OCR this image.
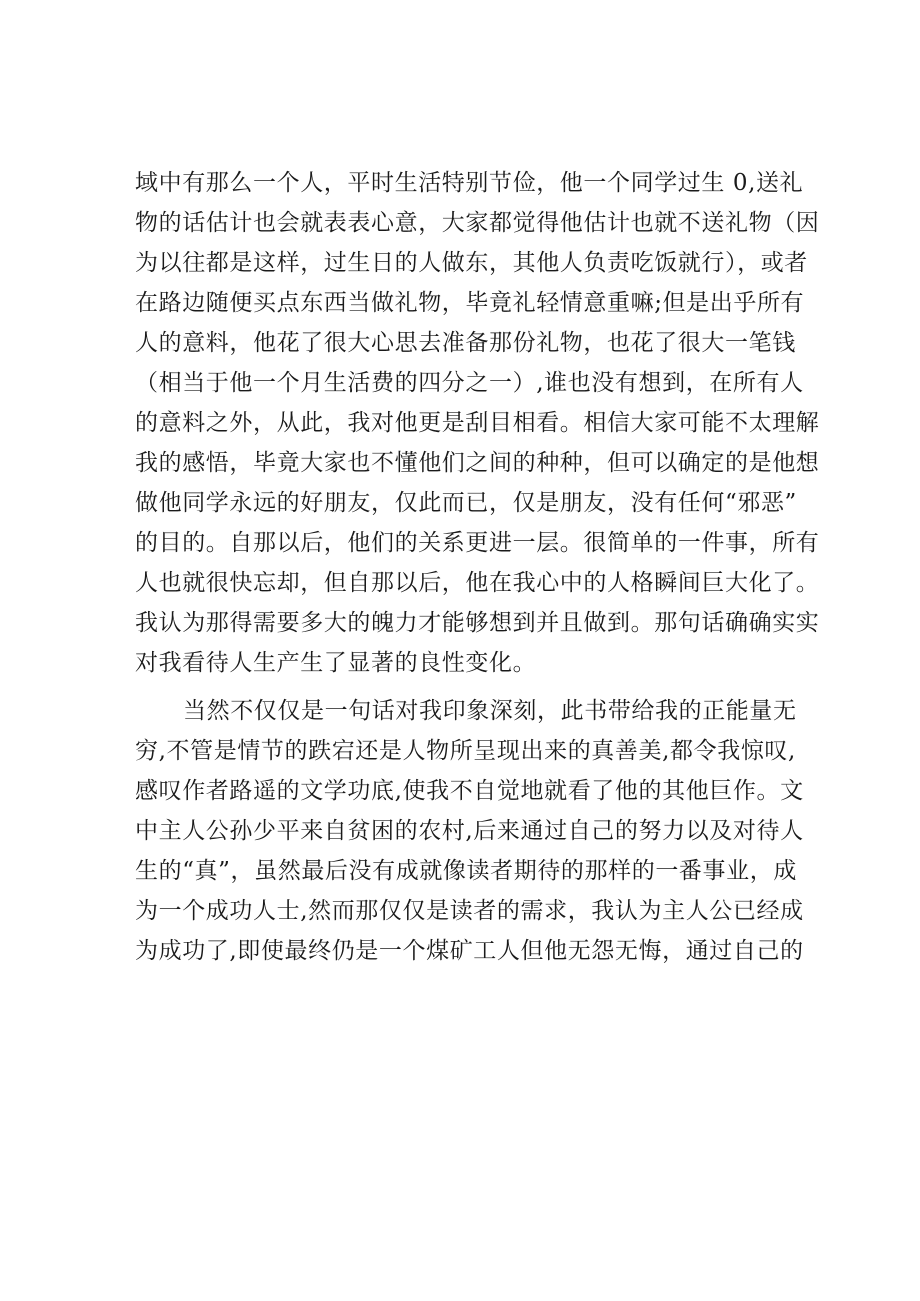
域中有那么一个人，平时生活特别节俭，他一个同学过生 0,送礼
物的话估计也会就表表心意，大家都觉得他估计也就不送礼物（因
为以往都是这样，过生日的人做东，其他人负责吃饭就行），或者
在路边随便买点东西当做礼物，毕竟礼轻情意重嘛;但是出乎所有
人的意料，他花了很大心思去准备那份礼物，也花了很大一笔钱
（相当于他一个月生活费的四分之一）,谁也没有想到，在所有人
的意料之外，从此，我对他更是刮目相看。相信大家可能不太理解
我的感悟，毕竟大家也不懂他们之间的种种，但可以确定的是他想
做他同学永远的好朋友，仅此而已，仅是朋友，没有任何“邪恶”
的目的。自那以后，他们的关系更进一层。很简单的一件事，所有
人也就很快忘却，但自那以后，他在我心中的人格瞬间巨大化了。
我认为那得需要多大的魄力才能够想到并且做到。那句话确确实实
对我看待人生产生了显著的良性变化。
当然不仅仅是一句话对我印象深刻，此书带给我的正能量无
穷,不管是情节的跌宕还是人物所呈现出来的真善美,都令我惊叹,
感叹作者路遥的文学功底,使我不自觉地就看了他的其他巨作。文
中主人公孙少平来自贫困的农村,后来通过自己的努力以及对待人
生的“真”，虽然最后没有成就像读者期待的那样的一番事业，成
为一个成功人士,然而那仅仅是读者的需求，我认为主人公已经成
为成功了,即使最终仍是一个煤矿工人但他无怨无悔，通过自己的
